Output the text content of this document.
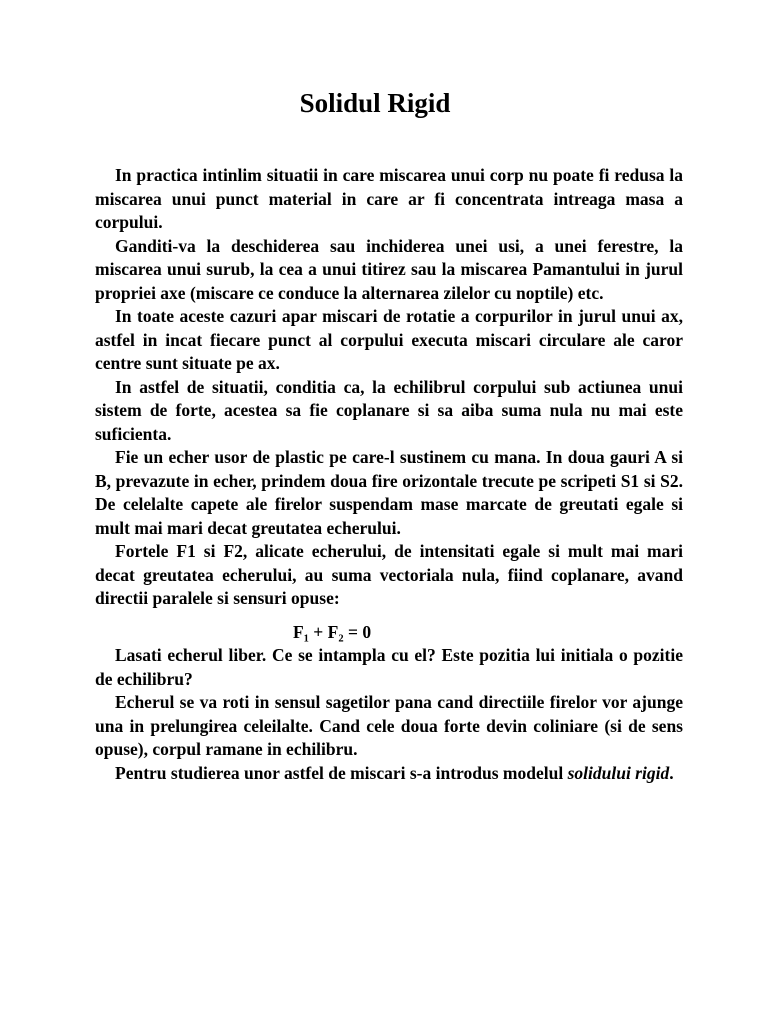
Solidul Rigid

In practica intinlim situatii in care miscarea unui corp nu poate fi redusa la miscarea unui punct material in care ar fi concentrata intreaga masa a corpului.

Ganditi-va la deschiderea sau inchiderea unei usi, a unei ferestre, la miscarea unui surub, la cea a unui titirez sau la miscarea Pamantului in jurul propriei axe (miscare ce conduce la alternarea zilelor cu noptile) etc.

In toate aceste cazuri apar miscari de rotatie a corpurilor in jurul unui ax, astfel in incat fiecare punct al corpului executa miscari circulare ale caror centre sunt situate pe ax.

In astfel de situatii, conditia ca, la echilibrul corpului sub actiunea unui sistem de forte, acestea sa fie coplanare si sa aiba suma nula nu mai este suficienta.

Fie un echer usor de plastic pe care-l sustinem cu mana. In doua gauri A si B, prevazute in echer, prindem doua fire orizontale trecute pe scripeti S1 si S2. De celelalte capete ale firelor suspendam mase marcate de greutati egale si mult mai mari decat greutatea echerului.

Fortele F1 si F2, alicate echerului, de intensitati egale si mult mai mari decat greutatea echerului, au suma vectoriala nula, fiind coplanare, avand directii paralele si sensuri opuse:

F₁ + F₂ = 0

Lasati echerul liber. Ce se intampla cu el? Este pozitia lui initiala o pozitie de echilibru?

Echerul se va roti in sensul sagetilor pana cand directiile firelor vor ajunge una in prelungirea celeilalte. Cand cele doua forte devin coliniare (si de sens opuse), corpul ramane in echilibru.

Pentru studierea unor astfel de miscari s-a introdus modelul solidului rigid.
